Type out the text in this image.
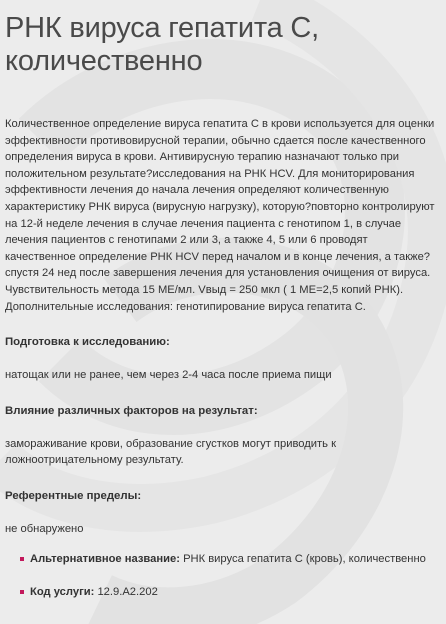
РНК вируса гепатита С, количественно

Количественное определение вируса гепатита С в крови используется для оценки эффективности противовирусной терапии, обычно сдается после качественного определения вируса в крови. Антивирусную терапию назначают только при положительном результате?исследования на РНК HCV. Для мониторирования эффективности лечения до начала лечения определяют количественную характеристику РНК вируса (вирусную нагрузку), которую?повторно контролируют на 12-й неделе лечения в случае лечения пациента с генотипом 1, в случае лечения пациентов с генотипами 2 или 3, а также 4, 5 или 6 проводят качественное определение РНК HCV перед началом и в конце лечения, а также?спустя 24 нед после завершения лечения для установления очищения от вируса. Чувствительность метода 15 МЕ/мл. Vвыд = 250 мкл ( 1 МЕ=2,5 копий РНК). Дополнительные исследования: генотипирование вируса гепатита С.

Подготовка к исследованию:

натощак или не ранее, чем через 2-4 часа после приема пищи

Влияние различных факторов на результат:

замораживание крови, образование сгустков могут приводить к ложноотрицательному результату.

Референтные пределы:

не обнаружено

Альтернативное название: РНК вируса гепатита С (кровь), количественно
Код услуги: 12.9.А2.202
